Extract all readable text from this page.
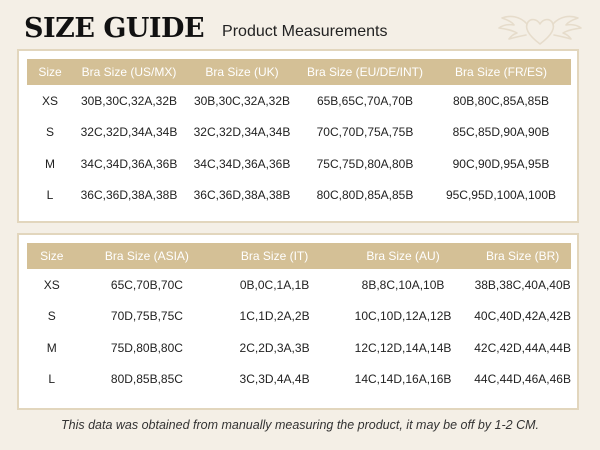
SIZE GUIDE Product Measurements
Size	Bra Size (US/MX)	Bra Size (UK)	Bra Size (EU/DE/INT)	Bra Size (FR/ES)
XS	30B,30C,32A,32B	30B,30C,32A,32B	65B,65C,70A,70B	80B,80C,85A,85B
S	32C,32D,34A,34B	32C,32D,34A,34B	70C,70D,75A,75B	85C,85D,90A,90B
M	34C,34D,36A,36B	34C,34D,36A,36B	75C,75D,80A,80B	90C,90D,95A,95B
L	36C,36D,38A,38B	36C,36D,38A,38B	80C,80D,85A,85B	95C,95D,100A,100B
Size	Bra Size (ASIA)	Bra Size (IT)	Bra Size (AU)	Bra Size (BR)
XS	65C,70B,70C	0B,0C,1A,1B	8B,8C,10A,10B	38B,38C,40A,40B
S	70D,75B,75C	1C,1D,2A,2B	10C,10D,12A,12B	40C,40D,42A,42B
M	75D,80B,80C	2C,2D,3A,3B	12C,12D,14A,14B	42C,42D,44A,44B
L	80D,85B,85C	3C,3D,4A,4B	14C,14D,16A,16B	44C,44D,46A,46B
This data was obtained from manually measuring the product, it may be off by 1-2 CM.
